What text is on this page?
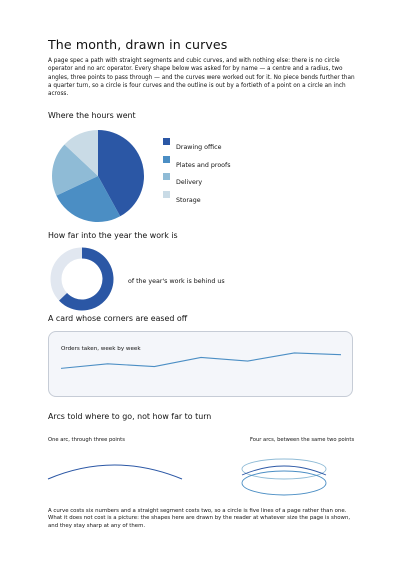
The month, drawn in curves

A page spec a path with straight segments and cubic curves, and with nothing else: there is no circle operator and no arc operator. Every shape below was asked for by name — a centre and a radius, two angles, three points to pass through — and the curves were worked out for it. No piece bends further than a quarter turn, so a circle is four curves and the outline is out by a fortieth of a point on a circle an inch across.

Where the hours went
Drawing office
Plates and proofs
Delivery
Storage
How far into the year the work is
of the year's work is behind us
A card whose corners are eased off
Orders taken, week by week
Arcs told where to go, not how far to turn
One arc, through three points	Four arcs, between the same two points

A curve costs six numbers and a straight segment costs two, so a circle is five lines of a page rather than one. What it does not cost is a picture: the shapes here are drawn by the reader at whatever size the page is shown, and they stay sharp at any of them.
